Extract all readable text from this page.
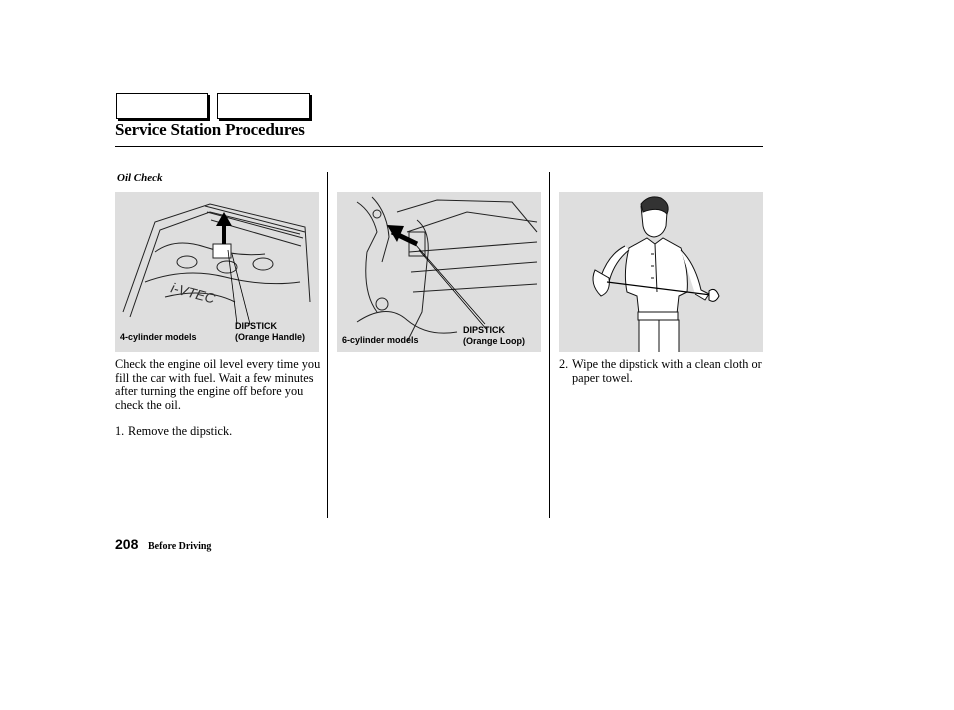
Service Station Procedures
Oil Check
i-VTEC
4-cylinder models
DIPSTICK
(Orange Handle)	6-cylinder models
DIPSTICK
(Orange Loop)
Check the engine oil level every time you fill the car with fuel. Wait a few minutes after turning the engine off before you check the oil.
1. Remove the dipstick.
2. Wipe the dipstick with a clean cloth or paper towel.
208 Before Driving
